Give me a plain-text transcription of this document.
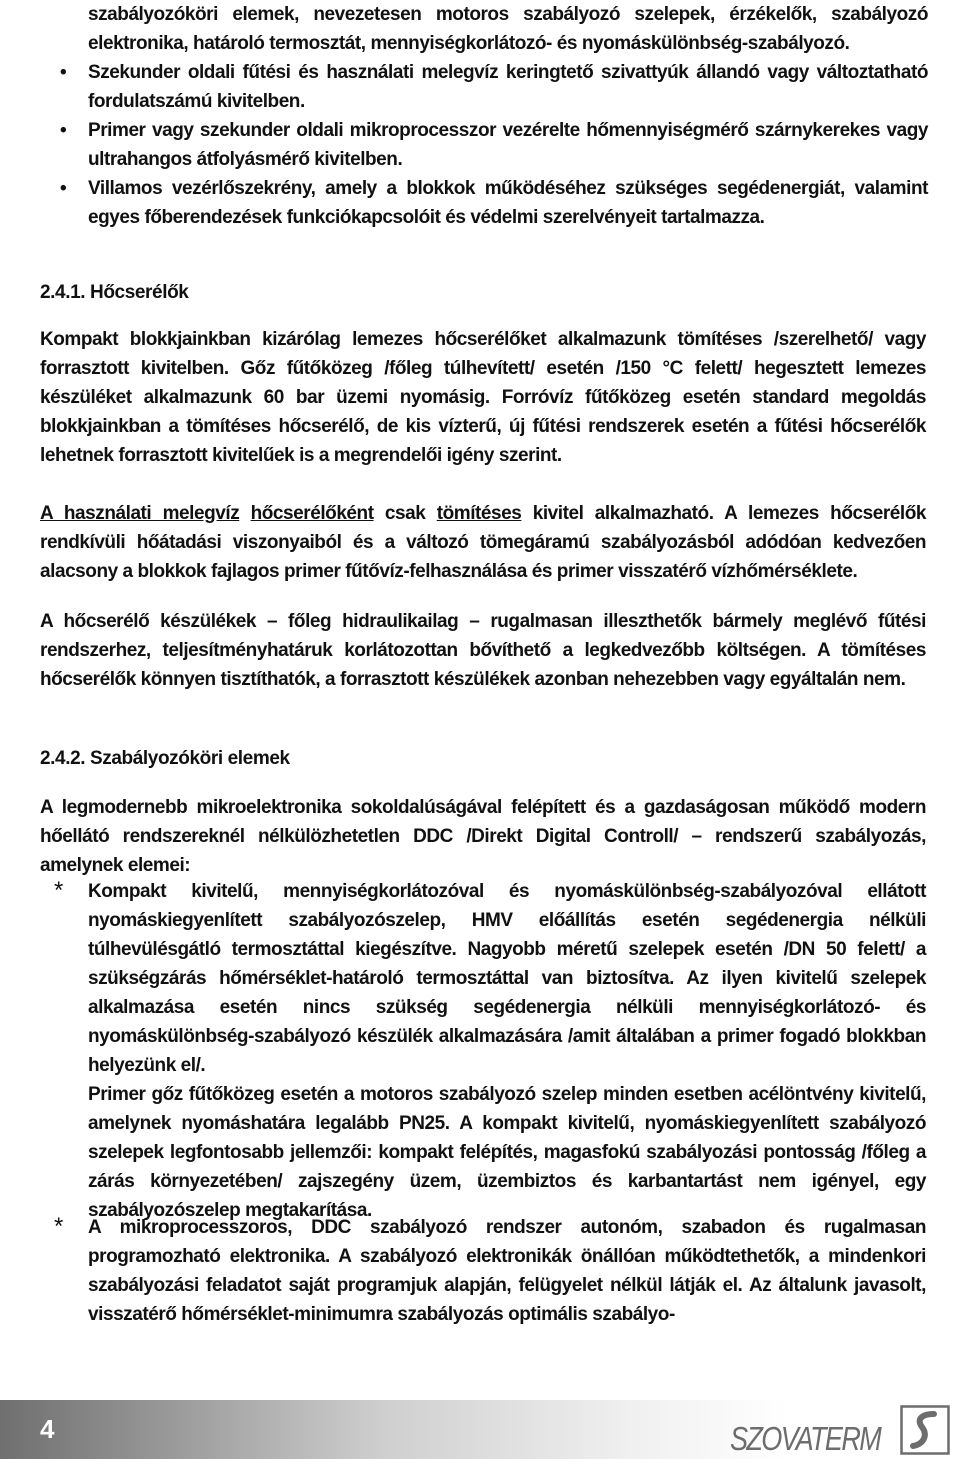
szabályozóköri elemek, nevezetesen motoros szabályozó szelepek, érzékelők, szabályozó elektronika, határoló termosztát, mennyiségkorlátozó- és nyomáskülönbség-szabályozó.

• Szekunder oldali fűtési és használati melegvíz keringtető szivattyúk állandó vagy változtatható fordulatszámú kivitelben.

• Primer vagy szekunder oldali mikroprocesszor vezérelte hőmennyiségmérő szárnykerekes vagy ultrahangos átfolyásmérő kivitelben.

• Villamos vezérlőszekrény, amely a blokkok működéséhez szükséges segédenergiát, valamint egyes főberendezések funkciókapcsolóit és védelmi szerelvényeit tartalmazza.

2.4.1. Hőcserélők

Kompakt blokkjainkban kizárólag lemezes hőcserélőket alkalmazunk tömítéses /szerelhető/ vagy forrasztott kivitelben. Gőz fűtőközeg /főleg túlhevített/ esetén /150 °C felett/ hegesztett lemezes készüléket alkalmazunk 60 bar üzemi nyomásig. Forróvíz fűtőközeg esetén standard megoldás blokkjainkban a tömítéses hőcserélő, de kis vízterű, új fűtési rendszerek esetén a fűtési hőcserélők lehetnek forrasztott kivitelűek is a megrendelői igény szerint.

A használati melegvíz hőcserélőként csak tömítéses kivitel alkalmazható. A lemezes hőcserélők rendkívüli hőátadási viszonyaiból és a változó tömegáramú szabályozásból adódóan kedvezően alacsony a blokkok fajlagos primer fűtővíz-felhasználása és primer visszatérő vízhőmérséklete.

A hőcserélő készülékek – főleg hidraulikailag – rugalmasan illeszthetők bármely meglévő fűtési rendszerhez, teljesítményhatáruk korlátozottan bővíthető a legkedvezőbb költségen. A tömítéses hőcserélők könnyen tisztíthatók, a forrasztott készülékek azonban nehezebben vagy egyáltalán nem.

2.4.2. Szabályozóköri elemek

A legmodernebb mikroelektronika sokoldalúságával felépített és a gazdaságosan működő modern hőellátó rendszereknél nélkülözhetetlen DDC /Direkt Digital Controll/ – rendszerű szabályozás, amelynek elemei:

* Kompakt kivitelű, mennyiségkorlátozóval és nyomáskülönbség-szabályozóval ellátott nyomáskiegyenlített szabályozószelep, HMV előállítás esetén segédenergia nélküli túlhevülésgátló termosztáttal kiegészítve. Nagyobb méretű szelepek esetén /DN 50 felett/ a szükségzárás hőmérséklet-határoló termosztáttal van biztosítva. Az ilyen kivitelű szelepek alkalmazása esetén nincs szükség segédenergia nélküli mennyiségkorlátozó- és nyomáskülönbség-szabályozó készülék alkalmazására /amit általában a primer fogadó blokkban helyezünk el/.

Primer gőz fűtőközeg esetén a motoros szabályozó szelep minden esetben acélöntvény kivitelű, amelynek nyomáshatára legalább PN25. A kompakt kivitelű, nyomáskiegyenlített szabályozó szelepek legfontosabb jellemzői: kompakt felépítés, magasfokú szabályozási pontosság /főleg a zárás környezetében/ zajszegény üzem, üzembiztos és karbantartást nem igényel, egy szabályozószelep megtakarítása.

* A mikroprocesszoros, DDC szabályozó rendszer autonóm, szabadon és rugalmasan programozható elektronika. A szabályozó elektronikák önállóan működtethetők, a mindenkori szabályozási feladatot saját programjuk alapján, felügyelet nélkül látják el. Az általunk javasolt, visszatérő hőmérséklet-minimumra szabályozás optimális szabályo-

4	SZOVATERM
